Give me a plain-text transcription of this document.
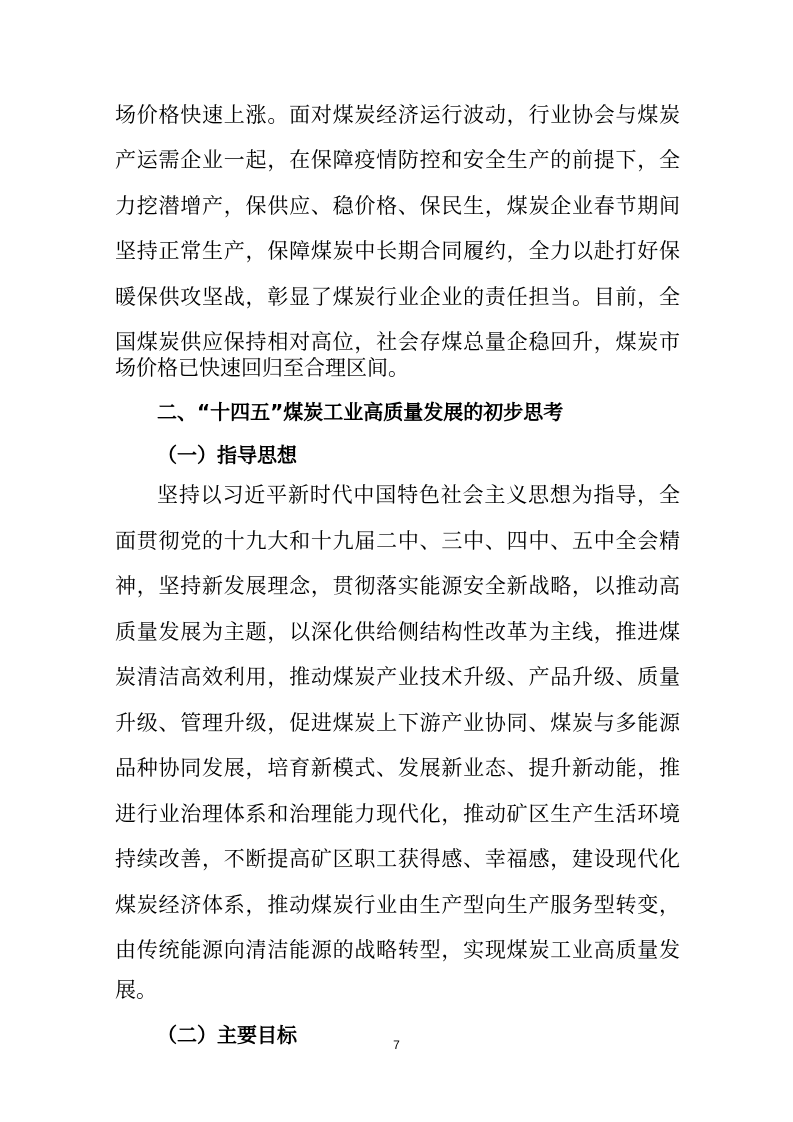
场价格快速上涨。面对煤炭经济运行波动，行业协会与煤炭
产运需企业一起，在保障疫情防控和安全生产的前提下，全
力挖潜增产，保供应、稳价格、保民生，煤炭企业春节期间
坚持正常生产，保障煤炭中长期合同履约，全力以赴打好保
暖保供攻坚战，彰显了煤炭行业企业的责任担当。目前，全
国煤炭供应保持相对高位，社会存煤总量企稳回升，煤炭市
场价格已快速回归至合理区间。
二、“十四五”煤炭工业高质量发展的初步思考
（一）指导思想
坚持以习近平新时代中国特色社会主义思想为指导，全
面贯彻党的十九大和十九届二中、三中、四中、五中全会精
神，坚持新发展理念，贯彻落实能源安全新战略，以推动高
质量发展为主题，以深化供给侧结构性改革为主线，推进煤
炭清洁高效利用，推动煤炭产业技术升级、产品升级、质量
升级、管理升级，促进煤炭上下游产业协同、煤炭与多能源
品种协同发展，培育新模式、发展新业态、提升新动能，推
进行业治理体系和治理能力现代化，推动矿区生产生活环境
持续改善，不断提高矿区职工获得感、幸福感，建设现代化
煤炭经济体系，推动煤炭行业由生产型向生产服务型转变，
由传统能源向清洁能源的战略转型，实现煤炭工业高质量发
展。
（二）主要目标	7
